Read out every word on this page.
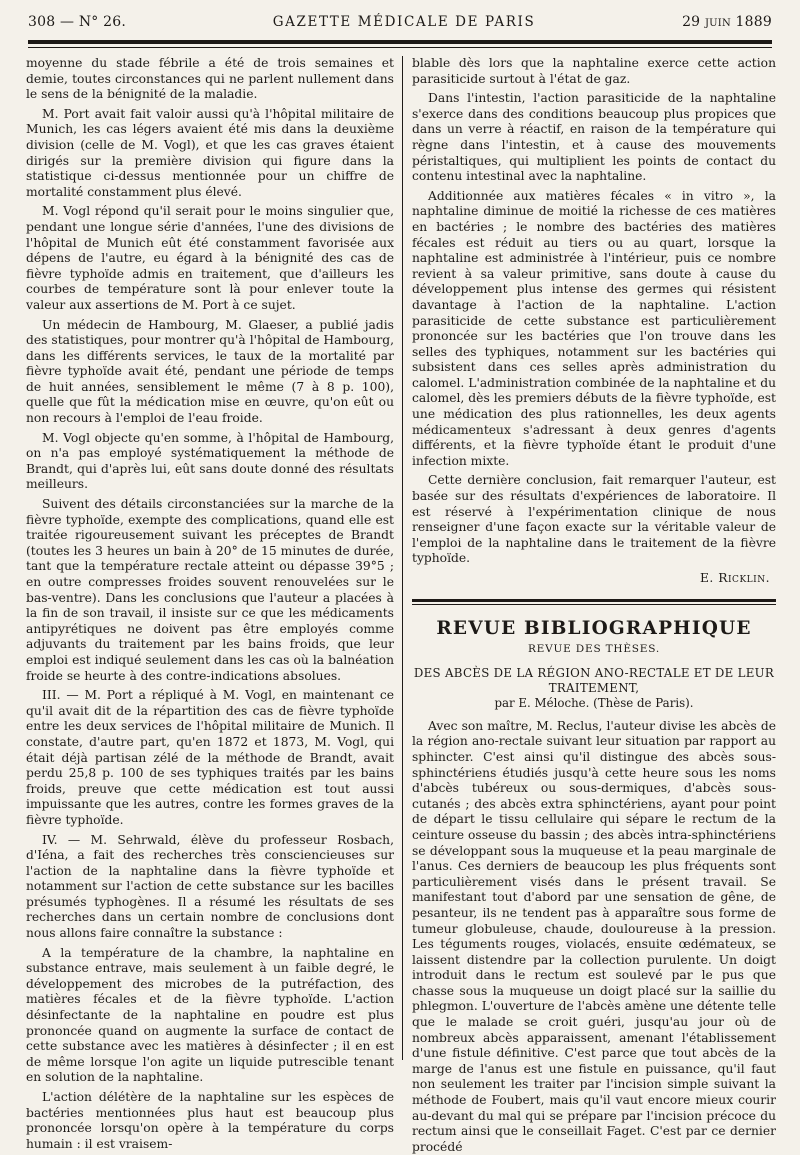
308 — N° 26.	GAZETTE MÉDICALE DE PARIS	29 juin 1889

moyenne du stade fébrile a été de trois semaines et demie, toutes circonstances qui ne parlent nullement dans le sens de la bénignité de la maladie.

M. Port avait fait valoir aussi qu'à l'hôpital militaire de Munich, les cas légers avaient été mis dans la deuxième division (celle de M. Vogl), et que les cas graves étaient dirigés sur la première division qui figure dans la statistique ci-dessus mentionnée pour un chiffre de mortalité constamment plus élevé.

M. Vogl répond qu'il serait pour le moins singulier que, pendant une longue série d'années, l'une des divisions de l'hôpital de Munich eût été constamment favorisée aux dépens de l'autre, eu égard à la bénignité des cas de fièvre typhoïde admis en traitement, que d'ailleurs les courbes de température sont là pour enlever toute la valeur aux assertions de M. Port à ce sujet.

Un médecin de Hambourg, M. Glaeser, a publié jadis des statistiques, pour montrer qu'à l'hôpital de Hambourg, dans les différents services, le taux de la mortalité par fièvre typhoïde avait été, pendant une période de temps de huit années, sensiblement le même (7 à 8 p. 100), quelle que fût la médication mise en œuvre, qu'on eût ou non recours à l'emploi de l'eau froide.

M. Vogl objecte qu'en somme, à l'hôpital de Hambourg, on n'a pas employé systématiquement la méthode de Brandt, qui d'après lui, eût sans doute donné des résultats meilleurs.

Suivent des détails circonstanciées sur la marche de la fièvre typhoïde, exempte des complications, quand elle est traitée rigoureusement suivant les préceptes de Brandt (toutes les 3 heures un bain à 20° de 15 minutes de durée, tant que la température rectale atteint ou dépasse 39°5 ; en outre compresses froides souvent renouvelées sur le bas-ventre). Dans les conclusions que l'auteur a placées à la fin de son travail, il insiste sur ce que les médicaments antipyrétiques ne doivent pas être employés comme adjuvants du traitement par les bains froids, que leur emploi est indiqué seulement dans les cas où la balnéation froide se heurte à des contre-indications absolues.

III. — M. Port a répliqué à M. Vogl, en maintenant ce qu'il avait dit de la répartition des cas de fièvre typhoïde entre les deux services de l'hôpital militaire de Munich. Il constate, d'autre part, qu'en 1872 et 1873, M. Vogl, qui était déjà partisan zélé de la méthode de Brandt, avait perdu 25,8 p. 100 de ses typhiques traités par les bains froids, preuve que cette médication est tout aussi impuissante que les autres, contre les formes graves de la fièvre typhoïde.

IV. — M. Sehrwald, élève du professeur Rosbach, d'Iéna, a fait des recherches très consciencieuses sur l'action de la naphtaline dans la fièvre typhoïde et notamment sur l'action de cette substance sur les bacilles présumés typhogènes. Il a résumé les résultats de ses recherches dans un certain nombre de conclusions dont nous allons faire connaître la substance :

A la température de la chambre, la naphtaline en substance entrave, mais seulement à un faible degré, le développement des microbes de la putréfaction, des matières fécales et de la fièvre typhoïde. L'action désinfectante de la naphtaline en poudre est plus prononcée quand on augmente la surface de contact de cette substance avec les matières à désinfecter ; il en est de même lorsque l'on agite un liquide putrescible tenant en solution de la naphtaline.

L'action délétère de la naphtaline sur les espèces de bactéries mentionnées plus haut est beaucoup plus prononcée lorsqu'on opère à la température du corps humain : il est vraisem-

blable dès lors que la naphtaline exerce cette action parasiticide surtout à l'état de gaz.

Dans l'intestin, l'action parasiticide de la naphtaline s'exerce dans des conditions beaucoup plus propices que dans un verre à réactif, en raison de la température qui règne dans l'intestin, et à cause des mouvements péristaltiques, qui multiplient les points de contact du contenu intestinal avec la naphtaline.

Additionnée aux matières fécales « in vitro », la naphtaline diminue de moitié la richesse de ces matières en bactéries ; le nombre des bactéries des matières fécales est réduit au tiers ou au quart, lorsque la naphtaline est administrée à l'intérieur, puis ce nombre revient à sa valeur primitive, sans doute à cause du développement plus intense des germes qui résistent davantage à l'action de la naphtaline. L'action parasiticide de cette substance est particulièrement prononcée sur les bactéries que l'on trouve dans les selles des typhiques, notamment sur les bactéries qui subsistent dans ces selles après administration du calomel. L'administration combinée de la naphtaline et du calomel, dès les premiers débuts de la fièvre typhoïde, est une médication des plus rationnelles, les deux agents médicamenteux s'adressant à deux genres d'agents différents, et la fièvre typhoïde étant le produit d'une infection mixte.

Cette dernière conclusion, fait remarquer l'auteur, est basée sur des résultats d'expériences de laboratoire. Il est réservé à l'expérimentation clinique de nous renseigner d'une façon exacte sur la véritable valeur de l'emploi de la naphtaline dans le traitement de la fièvre typhoïde.

E. Ricklin.
REVUE BIBLIOGRAPHIQUE
REVUE DES THÈSES.
DES ABCÈS DE LA RÉGION ANO-RECTALE ET DE LEUR TRAITEMENT,
par E. Méloche. (Thèse de Paris).

Avec son maître, M. Reclus, l'auteur divise les abcès de la région ano-rectale suivant leur situation par rapport au sphincter. C'est ainsi qu'il distingue des abcès sous-sphinctériens étudiés jusqu'à cette heure sous les noms d'abcès tubéreux ou sous-dermiques, d'abcès sous-cutanés ; des abcès extra sphinctériens, ayant pour point de départ le tissu cellulaire qui sépare le rectum de la ceinture osseuse du bassin ; des abcès intra-sphinctériens se développant sous la muqueuse et la peau marginale de l'anus. Ces derniers de beaucoup les plus fréquents sont particulièrement visés dans le présent travail. Se manifestant tout d'abord par une sensation de gêne, de pesanteur, ils ne tendent pas à apparaître sous forme de tumeur globuleuse, chaude, douloureuse à la pression. Les téguments rouges, violacés, ensuite œdémateux, se laissent distendre par la collection purulente. Un doigt introduit dans le rectum est soulevé par le pus que chasse sous la muqueuse un doigt placé sur la saillie du phlegmon. L'ouverture de l'abcès amène une détente telle que le malade se croit guéri, jusqu'au jour où de nombreux abcès apparaissent, amenant l'établissement d'une fistule définitive. C'est parce que tout abcès de la marge de l'anus est une fistule en puissance, qu'il faut non seulement les traiter par l'incision simple suivant la méthode de Foubert, mais qu'il vaut encore mieux courir au-devant du mal qui se prépare par l'incision précoce du rectum ainsi que le conseillait Faget. C'est par ce dernier procédé
